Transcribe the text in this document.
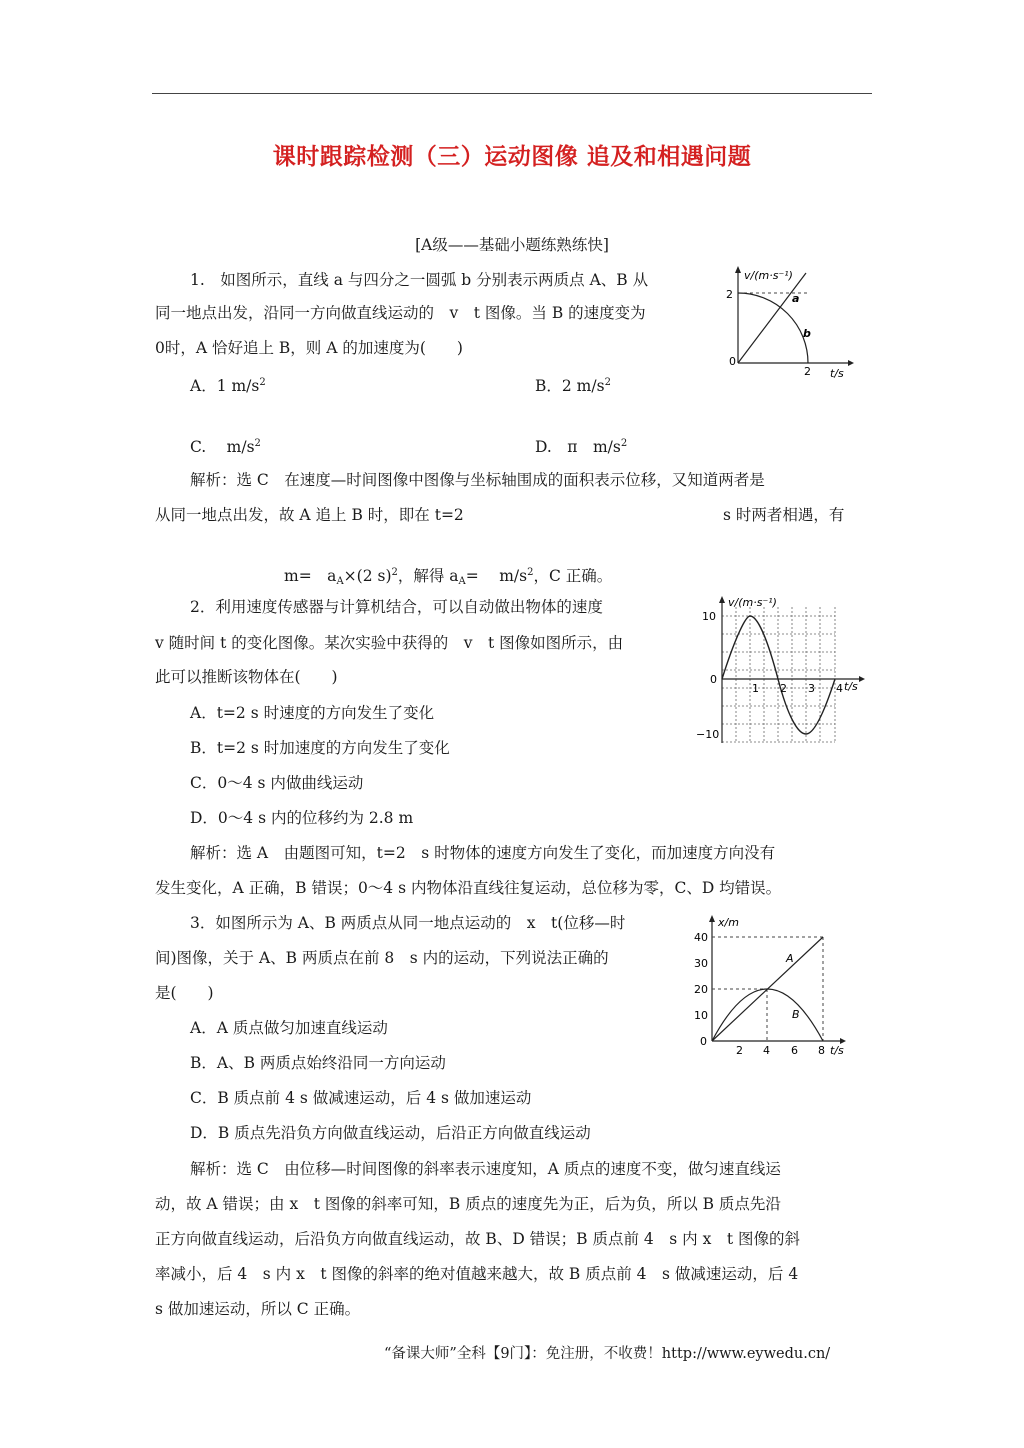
课时跟踪检测（三）运动图像 追及和相遇问题
[A级——基础小题练熟练快]
1.　如图所示，直线 a 与四分之一圆弧 b 分别表示两质点 A、B 从
同一地点出发，沿同一方向做直线运动的　v　t 图像。当 B 的速度变为
0时，A 恰好追上 B，则 A 的加速度为(　　)
A．1 $m/s^2$	B．2 $m/s^2$
C.　 $m/s^2$	D.　π　$m/s^2$
解析：选 C　在速度—时间图像中图像与坐标轴围成的面积表示位移，又知道两者是
从同一地点出发，故 A 追上 B 时，即在 t=2	s 时两者相遇，有
m=　$a_A\times(2$ s)$^2$，解得 $a_A=$　 $m/s^2$，C 正确。
v/(m·s⁻¹)
2
0
2 t/s
a
b
2．利用速度传感器与计算机结合，可以自动做出物体的速度
v 随时间 t 的变化图像。某次实验中获得的　v　t 图像如图所示，由
此可以推断该物体在(　　)
A．t=2 s 时速度的方向发生了变化
B．t=2 s 时加速度的方向发生了变化
C．0～4 s 内做曲线运动
D．0～4 s 内的位移约为 2.8 m
解析：选 A　由题图可知，t=2　s 时物体的速度方向发生了变化，而加速度方向没有
发生变化，A 正确，B 错误；0～4 s 内物体沿直线往复运动，总位移为零，C、D 均错误。
v/(m·s⁻¹)
10
0
−10
1 2 3 4 t/s
3．如图所示为 A、B 两质点从同一地点运动的　x　t(位移—时
间)图像，关于 A、B 两质点在前 8　s 内的运动，下列说法正确的
是(　　)
A．A 质点做匀加速直线运动
B．A、B 两质点始终沿同一方向运动
C．B 质点前 4 s 做减速运动，后 4 s 做加速运动
D．B 质点先沿负方向做直线运动，后沿正方向做直线运动
解析：选 C　由位移—时间图像的斜率表示速度知，A 质点的速度不变，做匀速直线运
动，故 A 错误；由 x　t 图像的斜率可知，B 质点的速度先为正，后为负，所以 B 质点先沿
正方向做直线运动，后沿负方向做直线运动，故 B、D 错误；B 质点前 4　s 内 x　t 图像的斜
率减小，后 4　s 内 x　t 图像的斜率的绝对值越来越大，故 B 质点前 4　s 做减速运动，后 4
s 做加速运动，所以 C 正确。
x/m
40
30
20
10
0
2 4 6 8 t/s
A
B
“备课大师”全科【9门】：免注册，不收费！http://www.eywedu.cn/
